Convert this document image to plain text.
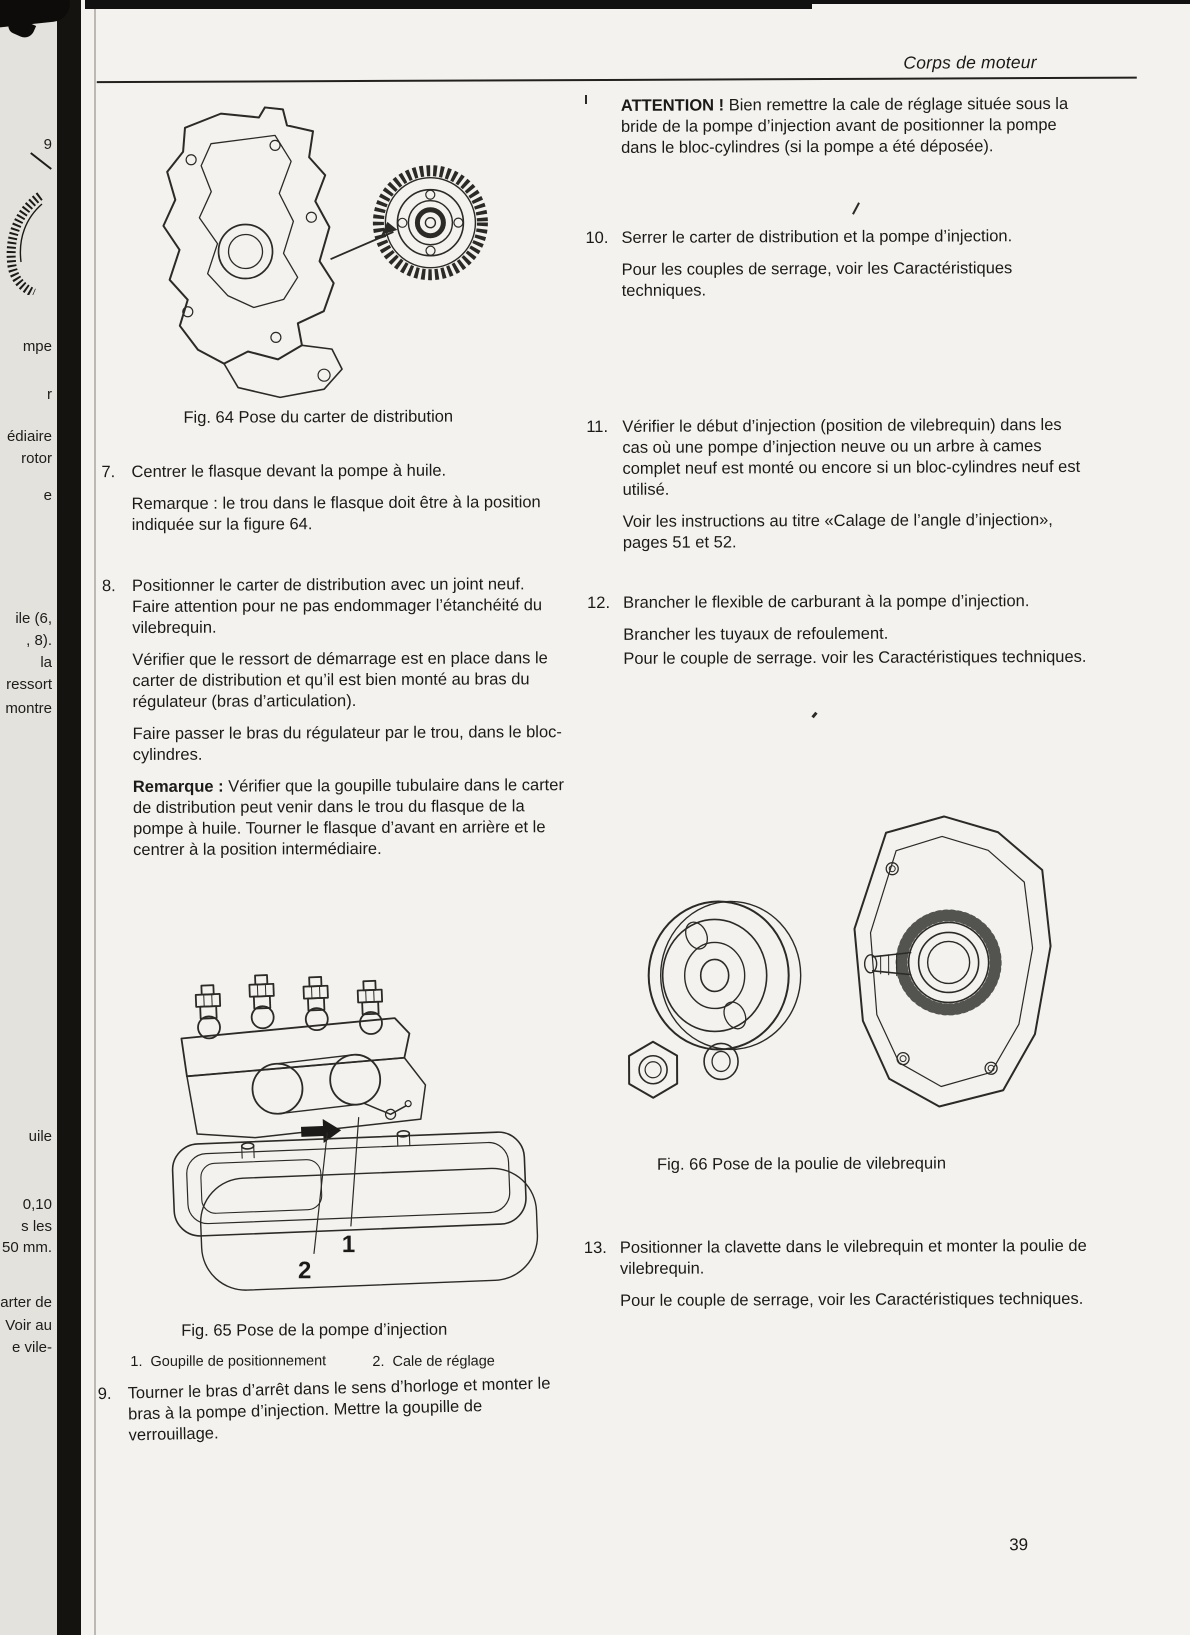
9
mpe
r
édiaire
rotor
e
ile (6,
, 8).
la
ressort
montre
uile
0,10
s les
50 mm.
arter de
Voir au
e vile-
Corps de moteur
Fig. 64 Pose du carter de distribution
7. Centrer le flasque devant la pompe à huile.

Remarque : le trou dans le flasque doit être à la position indiquée sur la figure 64.

8. Positionner le carter de distribution avec un joint neuf. Faire attention pour ne pas endommager l’étanchéité du vilebrequin.

Vérifier que le ressort de démarrage est en place dans le carter de distribution et qu’il est bien monté au bras du régulateur (bras d’articulation).

Faire passer le bras du régulateur par le trou, dans le bloc-cylindres.

Remarque : Vérifier que la goupille tubulaire dans le carter de distribution peut venir dans le trou du flasque de la pompe à huile. Tourner le flasque d’avant en arrière et le centrer à la position intermédiaire.

1
2
Fig. 65 Pose de la pompe d’injection
1. Goupille de positionnement	2. Cale de réglage
9. Tourner le bras d’arrêt dans le sens d’horloge et monter le bras à la pompe d’injection. Mettre la goupille de verrouillage.

ATTENTION ! Bien remettre la cale de réglage située sous la bride de la pompe d’injection avant de positionner la pompe dans le bloc-cylindres (si la pompe a été déposée).

10. Serrer le carter de distribution et la pompe d’injection.

Pour les couples de serrage, voir les Caractéristiques techniques.

11. Vérifier le début d’injection (position de vilebrequin) dans les cas où une pompe d’injection neuve ou un arbre à cames complet neuf est monté ou encore si un bloc-cylindres neuf est utilisé.

Voir les instructions au titre «Calage de l’angle d’injection», pages 51 et 52.

12. Brancher le flexible de carburant à la pompe d’injection.

Brancher les tuyaux de refoulement.

Pour le couple de serrage. voir les Caractéristiques techniques.

Fig. 66 Pose de la poulie de vilebrequin
13. Positionner la clavette dans le vilebrequin et monter la poulie de vilebrequin.

Pour le couple de serrage, voir les Caractéristiques techniques.

39
